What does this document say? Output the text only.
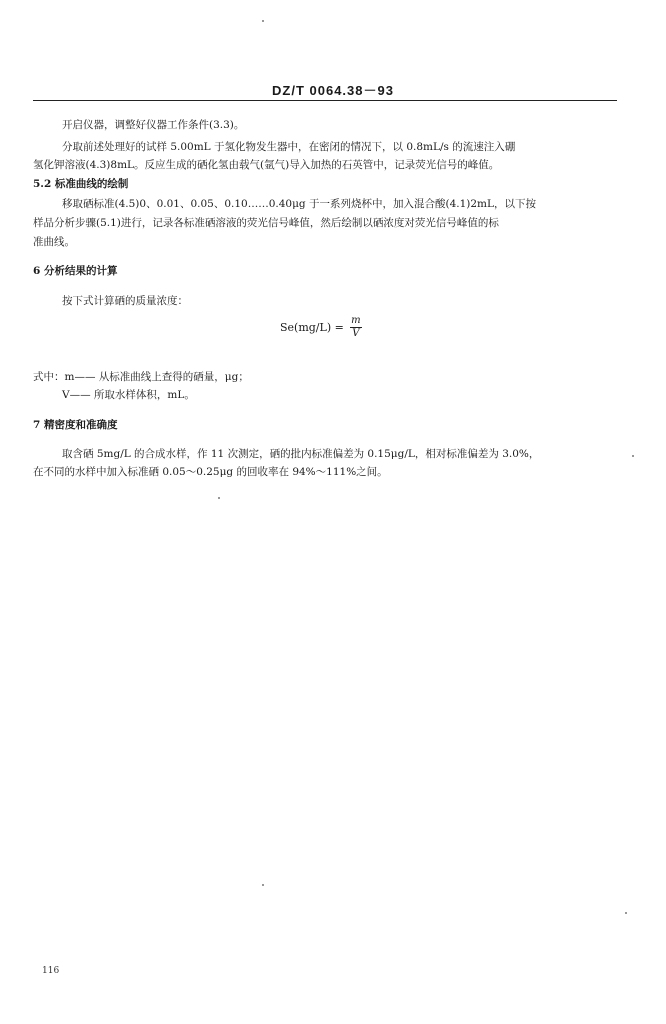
DZ/T 0064.38－93
开启仪器，调整好仪器工作条件(3.3)。
分取前述处理好的试样 5.00mL 于氢化物发生器中，在密闭的情况下，以 0.8mL/s 的流速注入硼
氢化钾溶液(4.3)8mL。反应生成的硒化氢由载气(氩气)导入加热的石英管中，记录荧光信号的峰值。
5.2 标准曲线的绘制
移取硒标准(4.5)0、0.01、0.05、0.10……0.40μg 于一系列烧杯中，加入混合酸(4.1)2mL，以下按
样品分析步骤(5.1)进行，记录各标准硒溶液的荧光信号峰值，然后绘制以硒浓度对荧光信号峰值的标
准曲线。
6 分析结果的计算
按下式计算硒的质量浓度：
$Se(mg/L) = \frac{m}{V}$
式中：m—— 从标准曲线上查得的硒量，μg；
V—— 所取水样体积，mL。
7 精密度和准确度
取含硒 5mg/L 的合成水样，作 11 次测定，硒的批内标准偏差为 0.15μg/L，相对标准偏差为 3.0%，
在不同的水样中加入标准硒 0.05～0.25μg 的回收率在 94%～111%之间。
116
